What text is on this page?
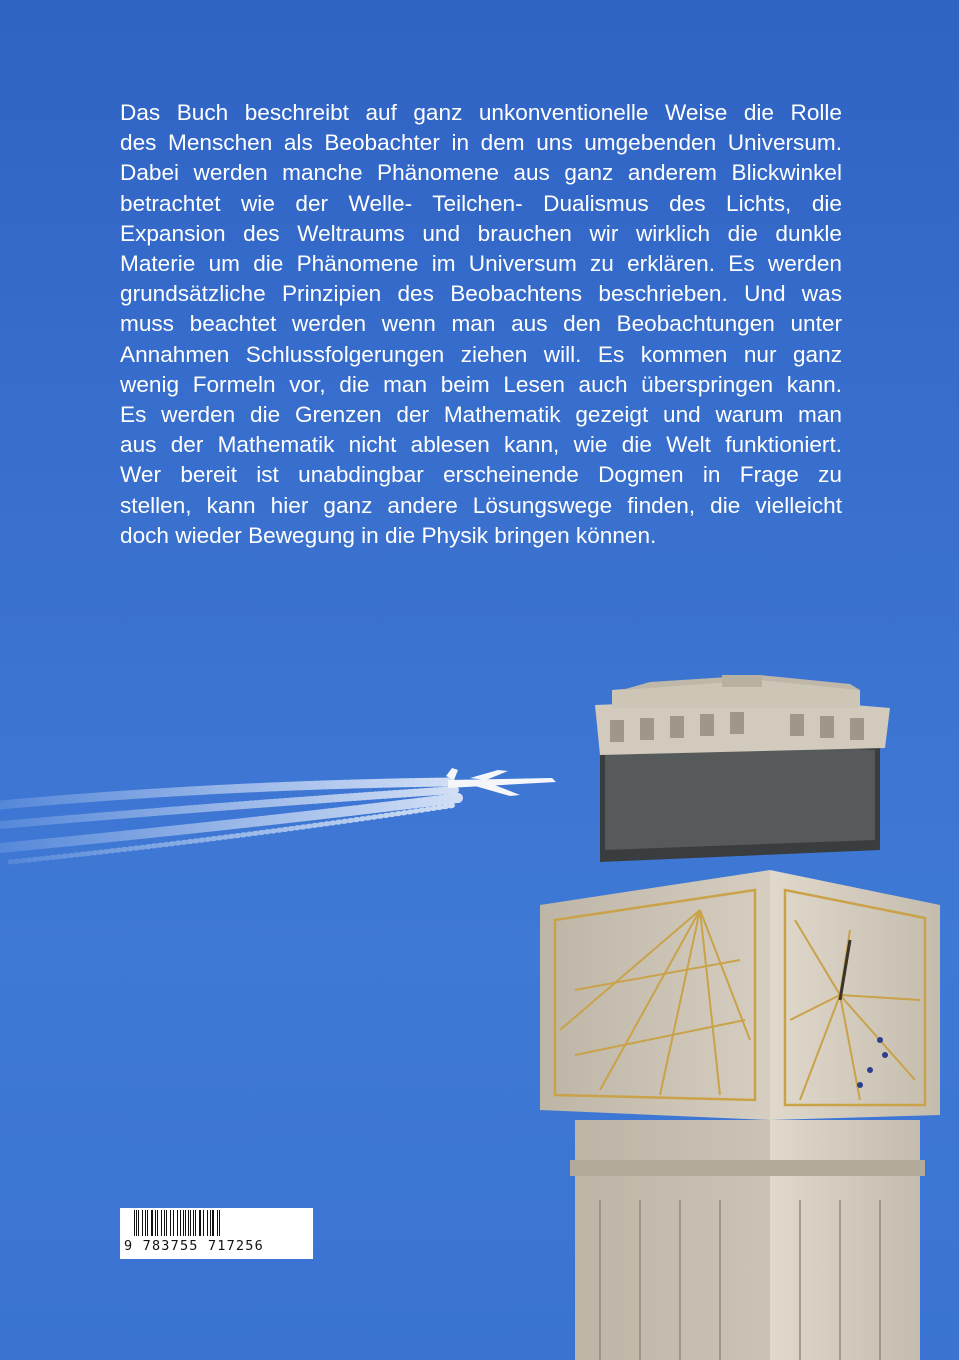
Das Buch beschreibt auf ganz unkonventionelle Weise die Rolle
des Menschen als Beobachter in dem uns umgebenden Universum.
Dabei werden manche Phänomene aus ganz anderem Blickwinkel
betrachtet wie der Welle- Teilchen- Dualismus des Lichts, die
Expansion des Weltraums und brauchen wir wirklich die dunkle
Materie um die Phänomene im Universum zu erklären. Es werden
grundsätzliche Prinzipien des Beobachtens beschrieben. Und was
muss beachtet werden wenn man aus den Beobachtungen unter
Annahmen Schlussfolgerungen ziehen will. Es kommen nur ganz
wenig Formeln vor, die man beim Lesen auch überspringen kann.
Es werden die Grenzen der Mathematik gezeigt und warum man
aus der Mathematik nicht ablesen kann, wie die Welt funktioniert.
Wer bereit ist unabdingbar erscheinende Dogmen in Frage zu
stellen, kann hier ganz andere Lösungswege finden, die vielleicht
doch wieder Bewegung in die Physik bringen können.
9 783755 717256
